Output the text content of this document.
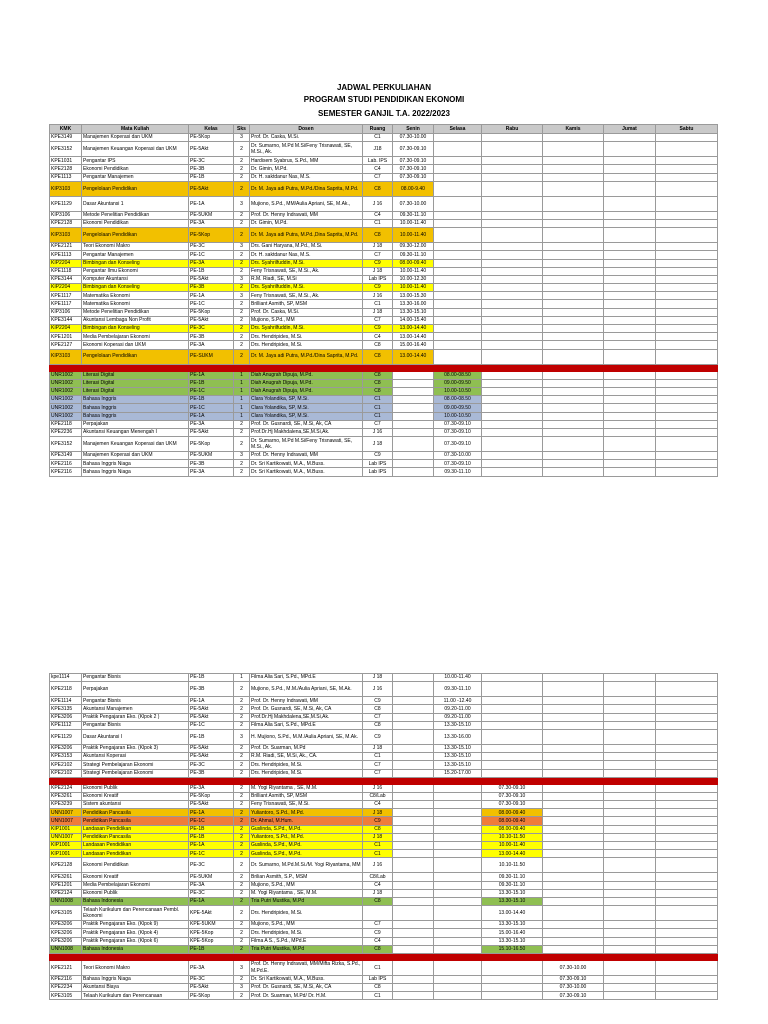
JADWAL PERKULIAHAN
PROGRAM STUDI PENDIDIKAN EKONOMI
SEMESTER GANJIL T.A. 2022/2023
KMK	Mata Kuliah	Kelas	Sks	Dosen	Ruang	Senin	Selasa	Rabu	Kamis	Jumat	Sabtu
KPE3149	Manajemen Koperasi dan UKM	PE-5Kop	3	Prof. Dr. Caska, M.Si.	C1	07.30-10.00					
KPE3152	Manajemen Keuangan Koperasi dan UKM	PE-5Akt	2	Dr. Sumarno, M.Pd M.Si/Feny Trisnawati, SE, M.Si., Ak.	J18	07.30-09.10					
KPE1031	Pengantar IPS	PE-3C	2	Hardisem Syabrus, S.Pd., MM	Lab. IPS	07.30-09.10					
KPE2128	Ekonomi Pendidikan	PE-3B	2	Dr. Gimin, M.Pd.	C4	07.30-09.10					
KPE1113	Pengantar Manajemen	PE-1B	2	Dr. H. saktdanur Nas, M.S.	C7	07.30-09.10					
KIP3103	Pengelolaan Pendidikan	PE-5Akt	2	Dr. M. Jaya adi Putra, M.Pd./Dina Saprita, M.Pd.	C8	08.00-9.40					
KPE1129	Dasar Akuntansi 1	PE-1A	3	Mujiono, S.Pd., MM/Aulia Apriani, SE, M.Ak.,	J 16	07.30-10.00					
KIP3106	Metode Penelitian Pendidikan	PE-5UKM	2	Prof. Dr. Henny Indrawati, MM	C4	09.30-11.10					
KPE2128	Ekonomi Pendidikan	PE-3A	2	Dr. Gimin, M.Pd.	C1	10.00-11.40					
KIP3103	Pengelolaan Pendidikan	PE-5Kop	2	Dr. M. Jaya adi Putra, M.Pd.,Dina Saprita, M.Pd.	C8	10.00-11.40					
KPE2121	Teori Ekonomi Makro	PE-3C	3	Drs. Gani Haryana, M.Pd., M.Si.	J 18	09.30-12.00					
KPE1113	Pengantar Manajemen	PE-1C	2	Dr. H. saktdanur Nas, M.S.	C7	09.30-11.10					
KIP2204	Bimbingan dan Konseling	PE-3A	2	Drs. Syahrilfuddin, M.Si.	C9	08.00-09.40					
KPE1118	Pengantar Ilmu Ekonomi	PE-1B	2	Feny Trisnawati, SE, M.Si., Ak.	J 18	10.00-11.40					
KPE3144	Komputer Akuntansi	PE-5Akt	3	R.M. Riadi, SE, M.Si	Lab IPS	10.00-12.30					
KIP2204	Bimbingan dan Konseling	PE-3B	2	Drs. Syahrilfuddin, M.Si.	C9	10.00-11.40					
KPE1117	Matematika Ekonomi	PE-1A	3	Feny Trisnawati, SE, M.Si., Ak.	J 16	13.00-15.30					
KPE1117	Matematika Ekonomi	PE-1C	2	Brilliant Asmith, SP, MSM	C1	13.30-16.00					
KIP3106	Metode Penelitian Pendidikan	PE-5Kop	2	Prof. Dr. Caska, M.Si.	J 18	13.30-15.10					
KPE3144	Akuntansi Lembaga Non Profit	PE-5Akt	2	Mujiono, S.Pd., MM	C7	14.00-15.40					
KIP2204	Bimbingan dan Konseling	PE-3C	2	Drs. Syahrilfuddin, M.Si.	C9	13.00-14.40					
KPE1201	Media Pembelajaran Ekonomi	PE-3B	2	Drs. Hendripides, M.Si.	C4	13.00-14.40					
KPE2127	Ekonomi Koperasi dan UKM	PE-3A	2	Drs. Hendripides, M.Si.	C8	15.00-16.40					
KIP3103	Pengelolaan Pendidikan	PE-SUKM	2	Dr. M. Jaya adi Putra, M.Pd./Dina Saprita, M.Pd.	C8	13.00-14.40					

UNR1002	Literasi Digital	PE-1A	1	Diah Anugrah Dipuja, M.Pd.	C8		08.00-08.50				
UNR1002	Literasi Digital	PE-1B	1	Diah Anugrah Dipuja, M.Pd.	C8		09.00-09.50				
UNR1002	Literasi Digital	PE-1C	1	Diah Anugrah Dipuja, M.Pd.	C8		10.00-10.50				
UNR1002	Bahasa Inggris	PE-1B	1	Clara Yolandika, SP, M.Si.	C1		08.00-08.50				
UNR1002	Bahasa Inggris	PE-1C	1	Clara Yolandika, SP, M.Si.	C1		09.00-09.50				
UNR1002	Bahasa Inggris	PE-1A	1	Clara Yolandika, SP, M.Si.	C1		10.00-10.50				
KPE2118	Perpajakan	PE-3A	2	Prof. Dr. Gusnardi, SE, M.Si, Ak, CA	C7		07.30-09.10				
KPE2236	Akuntansi Keuangan Menengah I	PE-5Akt	2	Prof.Dr.Hj Makhdalena,SE,M.Si,Ak.	J 16		07.30-09.10				
KPE3152	Manajemen Keuangan Koperasi dan UKM	PE-5Kop	2	Dr. Sumarno, M.Pd M.Si/Feny Trisnawati, SE, M.Si., Ak.	J 18		07.30-09.10				
KPE3149	Manajemen Koperasi dan UKM	PE-5UKM	3	Prof. Dr. Henny Indrawati, MM	C9		07.30-10.00				
KPE2116	Bahasa Inggris Niaga	PE-3B	2	Dr. Sri Kartikowati, M.A., M.Buss.	Lab IPS		07.30-09.10				
KPE2116	Bahasa Inggris Niaga	PE-3A	2	Dr. Sri Kartikowati, M.A., M.Buss.	Lab IPS		09.30-11.10				
kpe1114	Pengantar Bisnis	PE-1B	1	Filma Alia Sari, S.Pd., MPd.E	J 18		10.00-11.40				
KPE2118	Perpajakan	PE-3B	2	Mujiono, S.Pd., M.M./Aulia Apriani, SE, M.Ak.	J 16		09.30-11.10				
KPE1114	Pengantar Bisnis	PE-1A	2	Prof. Dr. Henny Indrawati, MM	C9		11.00 -12.40				
KPE3135	Akuntansi Manajemen	PE-5Akt	2	Prof. Dr. Gusnardi, SE, M.Si, Ak, CA	C8		09.20-11.00				
KPE3206	Praktik Pengajaran Eko. (Klpok 2 )	PE-5Akt	2	Prof.Dr.Hj Makhdalena,SE,M.Si,Ak.	C7		09.20-11.00				
KPE1112	Pengantar Bisnis	PE-1C	2	Filma Alia Sari, S.Pd., MPd.E	C8		13.30-15.10				
KPE1129	Dasar Akuntansi I	PE-1B	3	H. Mujiono, S.Pd., M.M./Aulia Apriani, SE, M.Ak.	C9		13.30-16.00				
KPE3206	Praktik Pengajaran Eko. (Klpok 3)	PE-5Akt	2	Prof. Dr. Suarman, M.Pd	J 18		13.30-15.10				
KPE3153	Akuntansi Koperasi	PE-5Akt	2	R.M. Riadi, SE, M.Si, Ak., CA.	C1		13.30-15.10				
KPE2102	Strategi Pembelajaran Ekonomi	PE-3C	2	Drs. Hendripides, M.Si.	C7		13.30-15.10				
KPE2102	Strategi Pembelajaran Ekonomi	PE-3B	2	Drs. Hendripides, M.Si.	C7		15.20-17.00				

KPE2124	Ekonomi Publik	PE-3A	2	M. Yogi Riyantama , SE, M.M.	J 16			07.30-09.10			
KPE3261	Ekonomi Kreatif	PE-5Kop	2	Brilliant Asmith, SP, MSM	C8/Lab			07.30-09.10			
KPE3239	Sistem akuntansi	PE-5Akt	2	Feny Trisnawati, SE, M.Si.	C4			07.30-09.10			
UNN1007	Pendidikan Pancasila	PE-1A	2	Yuliantoro, S.Pd., M.Pd.	J 18			08.00-09.40			
UNN1007	Pendidikan Pancasila	PE-1C	2	Dr. Ahmal, M.Hum.	C9			08.00-09.40			
KIP1001	Landasan Pendidikan	PE-1B	2	Guslinda, S.Pd., M.Pd.	C8			08.00-09.40			
UNN1007	Pendidikan Pancasila	PE-1B	2	Yuliantoro, S.Pd., M.Pd.	J 18			10.10-11.50			
KIP1001	Landasan Pendidikan	PE-1A	2	Guslinda, S.Pd., M.Pd.	C1			10.00-11.40			
KIP1001	Landasan Pendidikan	PE-1C	2	Guslinda, S.Pd., M.Pd.	C1			13.00-14.40			
KPE2128	Ekonomi Pendidikan	PE-3C	2	Dr. Sumarno, M.Pd.M.Si./M. Yogi Riyantama, MM	J 16			10.10-11.50			
KPE3261	Ekonomi Kreatif	PE-5UKM	2	Brilian Asmith, S.P., MSM	C8/Lab			09.30-11.10			
KPE1201	Media Pembelajaran Ekonomi	PE-3A	2	Mujiono, S.Pd., MM	C4			09.30-11.10			
KPE2124	Ekonomi Publik	PE-3C	2	M. Yogi Riyantama , SE, M.M.	J 18			13.30-15.10			
UNN1008	Bahasa Indonesia	PE-1A	2	Tria Putri Mustika, M.Pd	C8			13.30-15.10			
KPE3105	Telaah Kurikulum dan Perencanaan Pembl. Ekonomi	KPE-5Akt	2	Drs. Hendripides, M.Si.				13.00-14.40			
KPE3206	Praktik Pengajaran Eko. (Klpok 9)	KPE-5UKM	2	Mujiono, S.Pd., MM	C7			13.30-15.10			
KPE3206	Praktik Pengajaran Eko. (Klpok 4)	KPE-5Kop	2	Drs. Hendripides, M.Si.	C9			15.00-16.40			
KPE3206	Praktik Pengajaran Eko. (Klpok 6)	KPE-5Kop	2	Filma A S., S.Pd., MPd.E	C4			13.30-15.10			
UNN1008	Bahasa Indonesia	PE-1B	2	Tria Putri Mustika, M.Pd	C8			15.10-16.50			

KPE2121	Teori Ekonomi Makro	PE-3A	3	Prof. Dr. Henny Indrawati, MM/Mifta Rizka, S.Pd., M.Pd.E.	C1				07.30-10.00		
KPE2116	Bahasa Inggris Niaga	PE-3C	2	Dr. Sri Kartikowati, M.A., M.Buss.	Lab IPS				07.30-09.10		
KPE2234	Akuntansi Biaya	PE-5Akt	3	Prof. Dr. Gusnardi, SE, M.Si, Ak, CA	C8				07.30-10.00		
KPE3105	Telaah Kurikulum dan Perencanaan	PE-5Kop	2	Prof. Dr. Suarman, M.Pd/ Dr. H.M.	C1				07.30-09.10		
